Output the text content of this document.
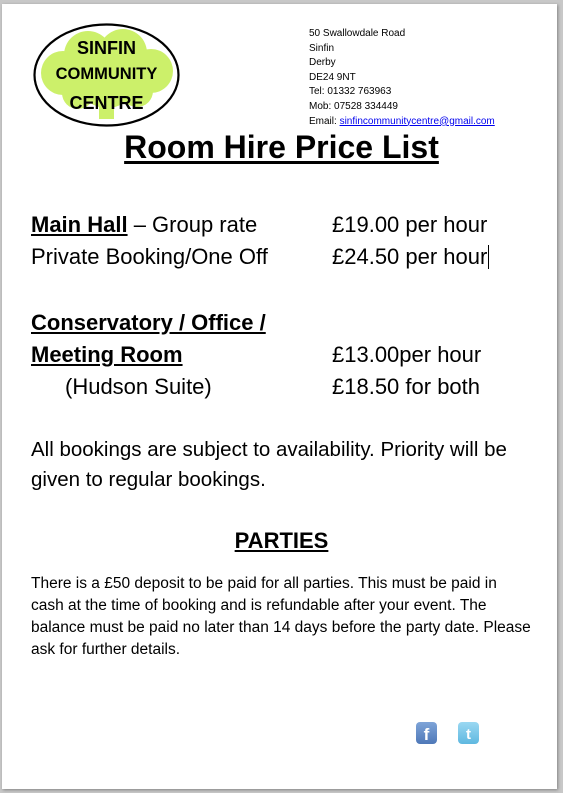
SINFIN
COMMUNITY
CENTRE
50 Swallowdale Road
Sinfin
Derby
DE24 9NT
Tel: 01332 763963
Mob: 07528 334449
Email: sinfincommunitycentre@gmail.com
Room Hire Price List
Main Hall – Group rate	£19.00 per hour
Private Booking/One Off	£24.50 per hour
Conservatory / Office /
Meeting Room	£13.00per hour
(Hudson Suite)	£18.50 for both
All bookings are subject to availability. Priority will be given to regular bookings.
PARTIES
There is a £50 deposit to be paid for all parties. This must be paid in cash at the time of booking and is refundable after your event. The balance must be paid no later than 14 days before the party date. Please ask for further details.
f t
